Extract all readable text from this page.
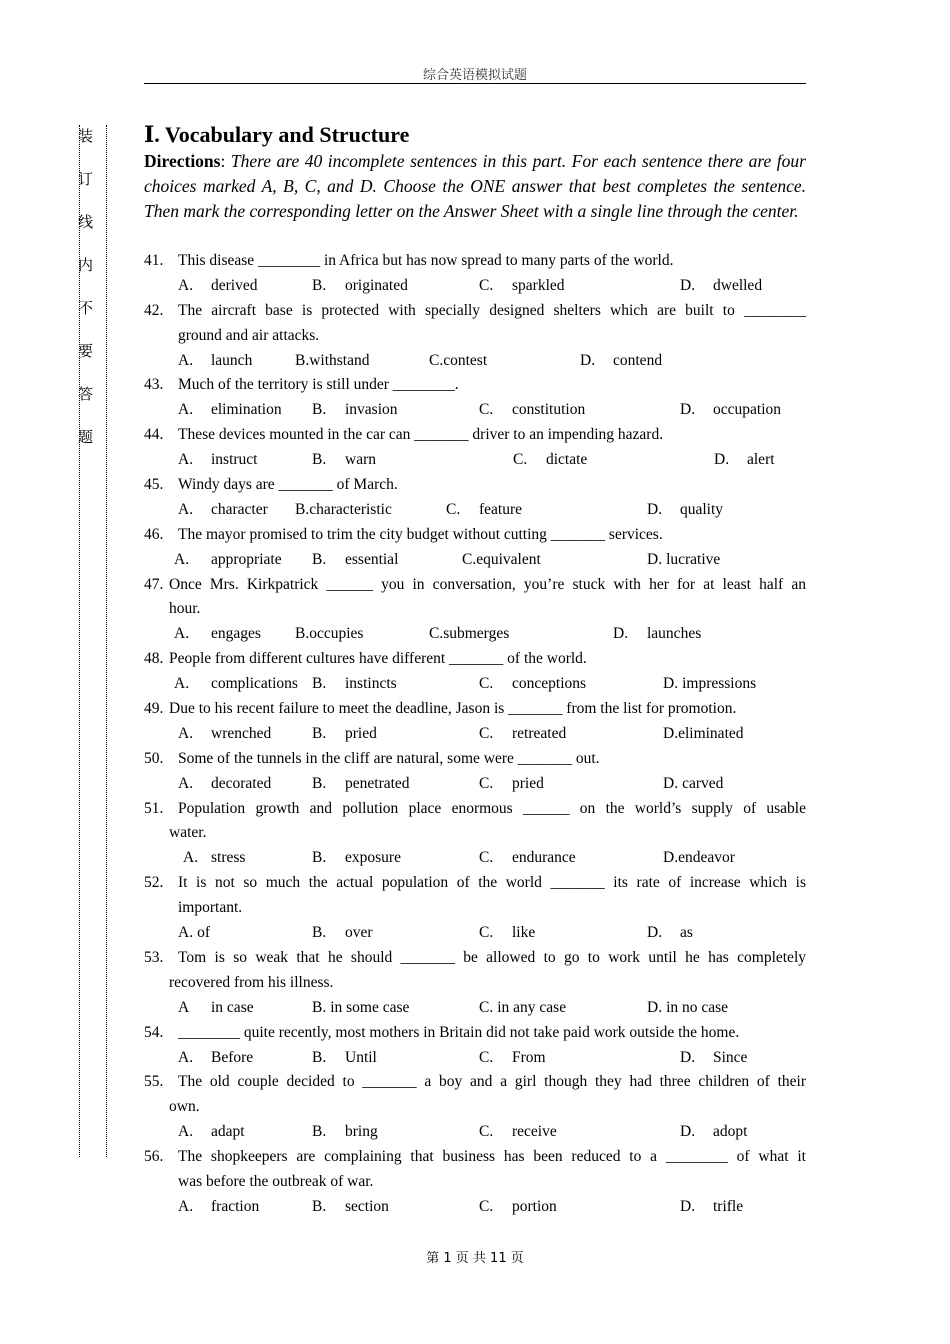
综合英语模拟试题
装
订
线
内
不
要
答
题
Ⅰ. Vocabulary and Structure
Directions: There are 40 incomplete sentences in this part. For each sentence there are four choices marked A, B, C, and D. Choose the ONE answer that best completes the sentence. Then mark the corresponding letter on the Answer Sheet with a single line through the center.
41. This disease ________ in Africa but has now spread to many parts of the world.
A. derived	B. originated	C. sparkled	D. dwelled
42. The aircraft base is protected with specially designed shelters which are built to ________
ground and air attacks.
A. launch	B.withstand	C.contest	D. contend
43. Much of the territory is still under ________.
A. elimination B. invasion	C. constitution	D. occupation
44. These devices mounted in the car can _______ driver to an impending hazard.
A. instruct	B. warn	C. dictate	D. alert
45. Windy days are _______ of March.
A. character B.characteristic	C. feature	D. quality
46. The mayor promised to trim the city budget without cutting _______ services.
A. appropriate B. essential	C.equivalent	D. lucrative
47. Once Mrs. Kirkpatrick ______ you in conversation, you’re stuck with her for at least half an
hour.
A. engages B.occupies	C.submerges	D. launches
48. People from different cultures have different _______ of the world.
A. complications B. instincts	C. conceptions	D. impressions
49. Due to his recent failure to meet the deadline, Jason is _______ from the list for promotion.
A. wrenched	B. pried	C. retreated	D.eliminated
50. Some of the tunnels in the cliff are natural, some were _______ out.
A. decorated	B. penetrated	C. pried	D. carved
51. Population growth and pollution place enormous ______ on the world’s supply of usable
water.
A. stress	B. exposure	C. endurance	D.endeavor
52. It is not so much the actual population of the world _______ its rate of increase which is
important.
A. of	B. over	C. like	D. as
53. Tom is so weak that he should _______ be allowed to go to work until he has completely
recovered from his illness.
A in case	B. in some case	C. in any case	D. in no case
54. ________ quite recently, most mothers in Britain did not take paid work outside the home.
A. Before	B. Until	C. From	D. Since
55. The old couple decided to _______ a boy and a girl though they had three children of their
own.
A. adapt	B. bring	C. receive	D. adopt
56. The shopkeepers are complaining that business has been reduced to a ________ of what it
was before the outbreak of war.
A. fraction	B. section	C. portion	D. trifle
第 1 页 共 11 页
